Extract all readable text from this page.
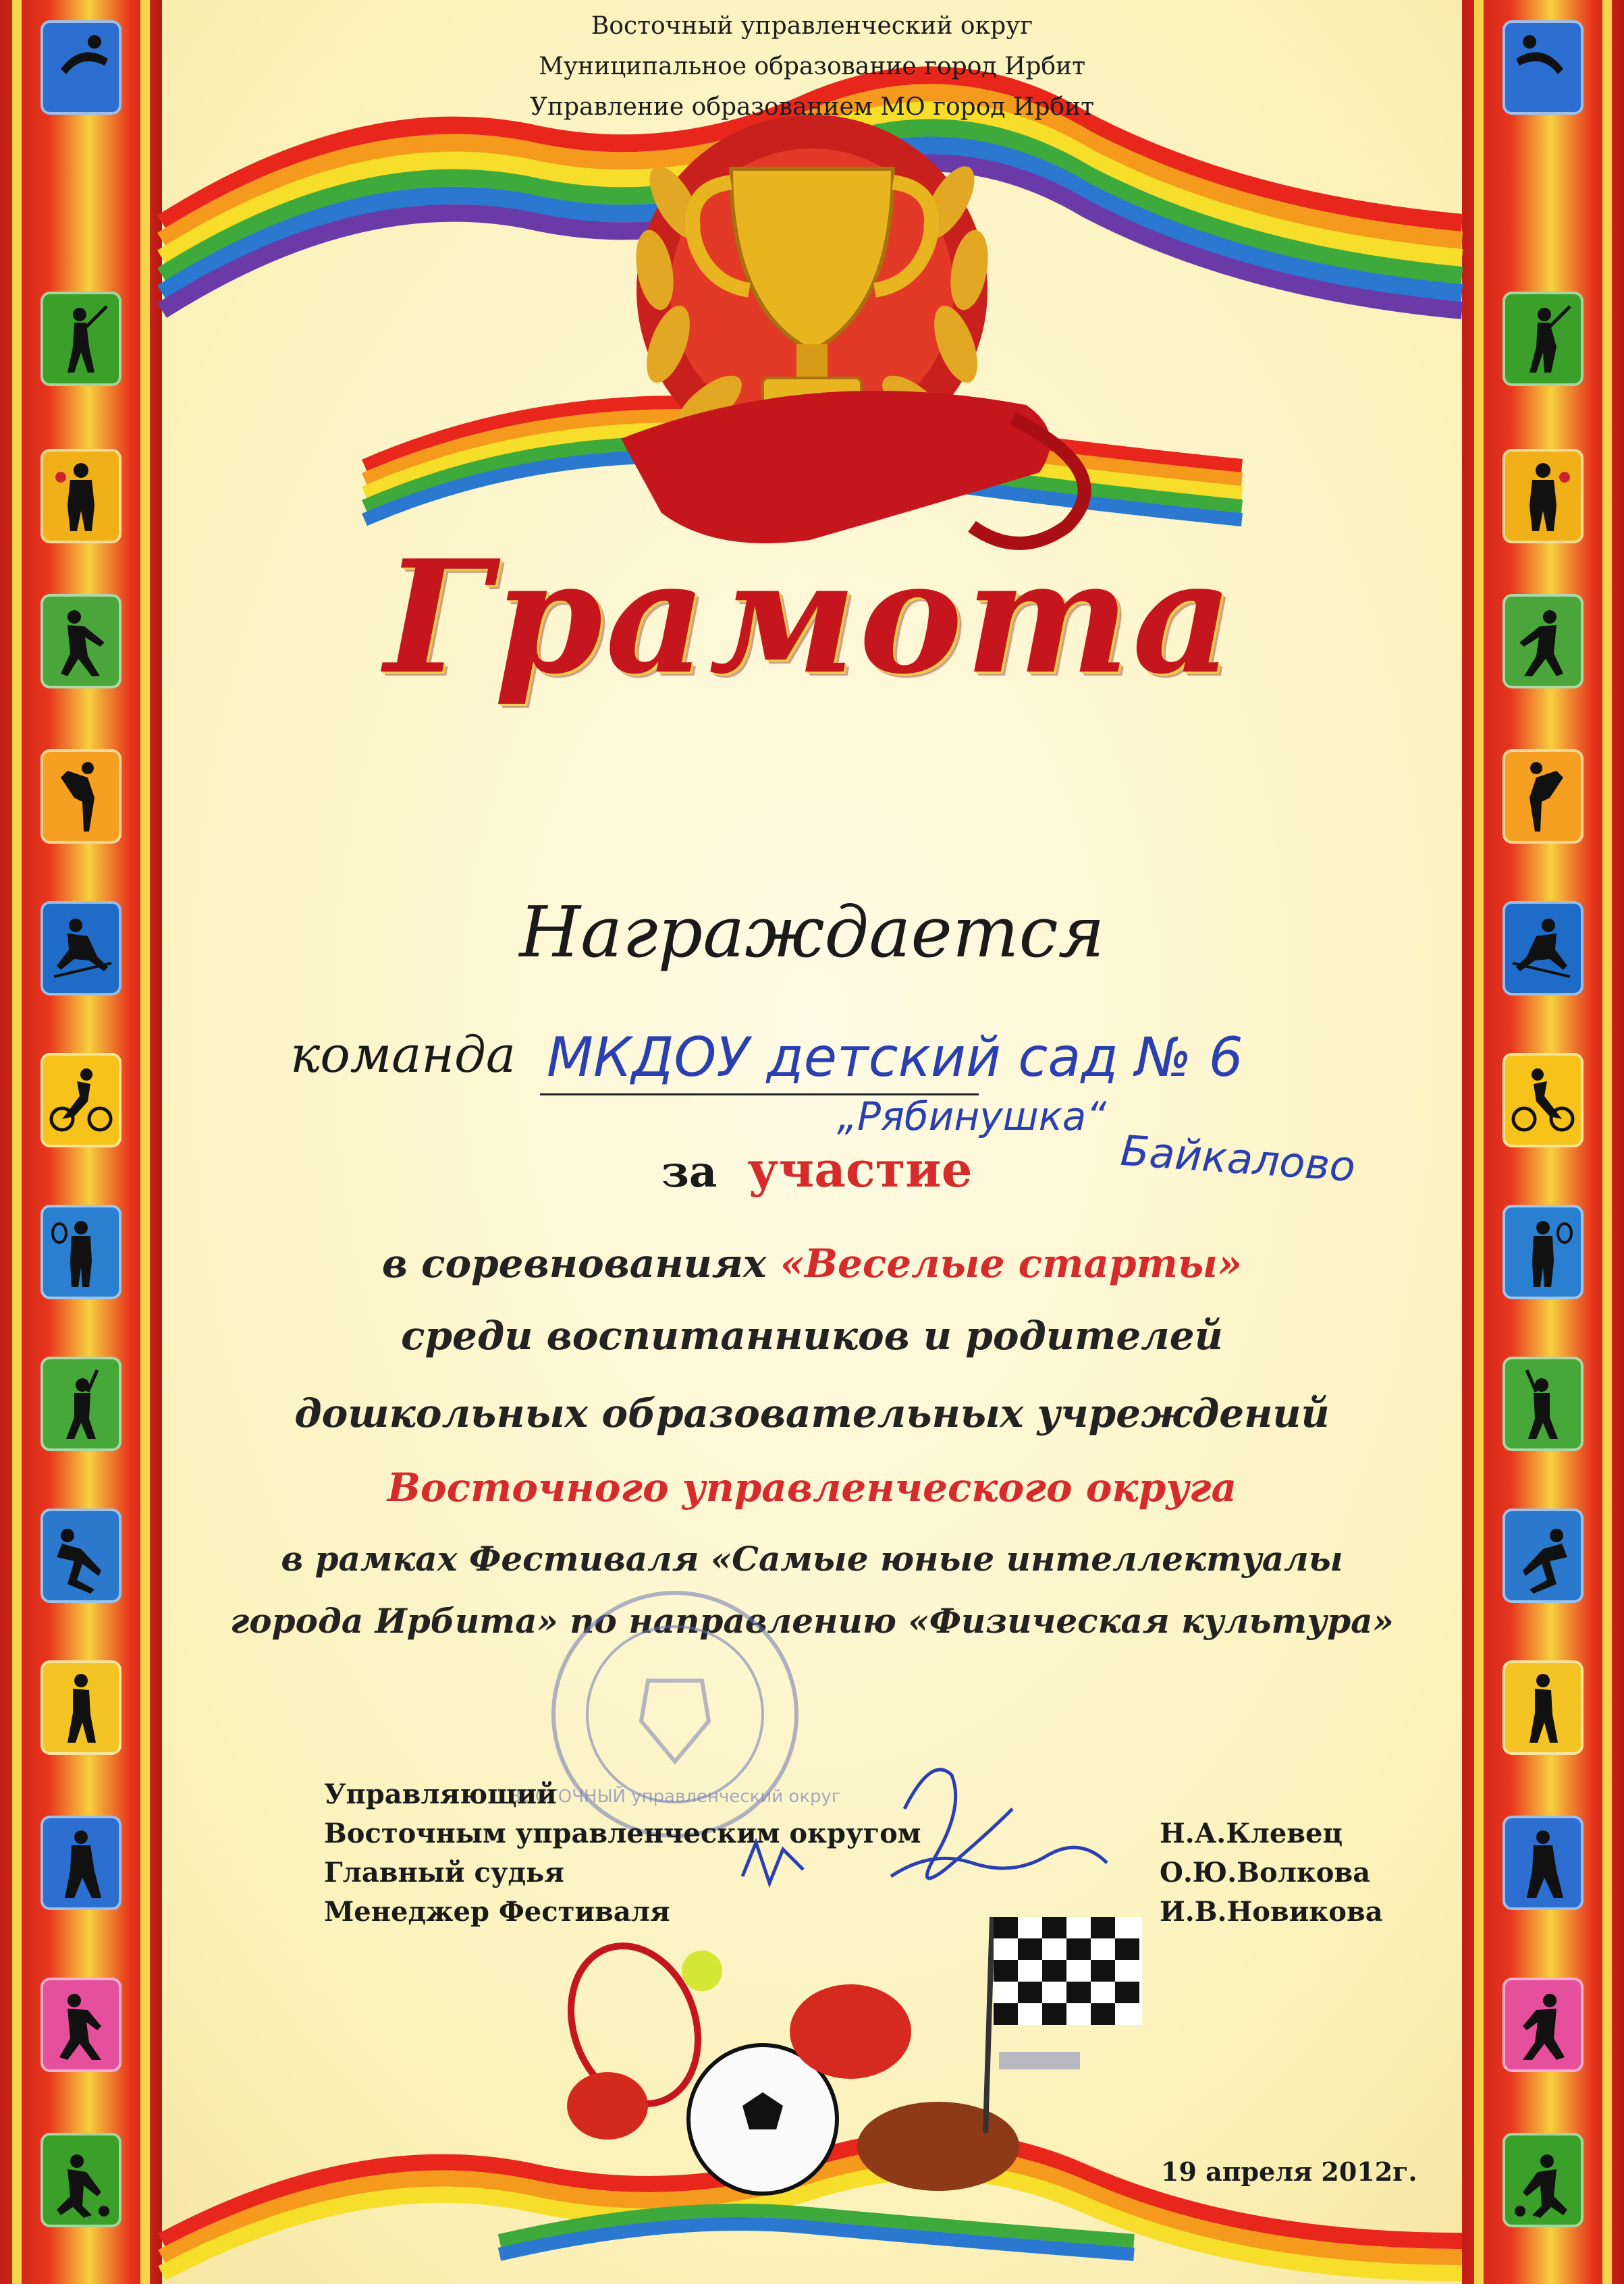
Восточный управленческий округ
Муниципальное образование город Ирбит
Управление образованием МО город Ирбит
Грамота
Награждается
команда МКДОУ детский сад № 6
„Рябинушка“
за участие	Байкалово
в соревнованиях «Веселые старты»
среди воспитанников и родителей
дошкольных образовательных учреждений
Восточного управленческого округа
в рамках Фестиваля «Самые юные интеллектуалы
города Ирбита» по направлению «Физическая культура»
ВОСТОЧНЫЙ управленческий округ
Управляющий
Восточным управленческим округом
Главный судья
Менеджер Фестиваля
Н.А.Клевец
О.Ю.Волкова
И.В.Новикова
19 апреля 2012г.
